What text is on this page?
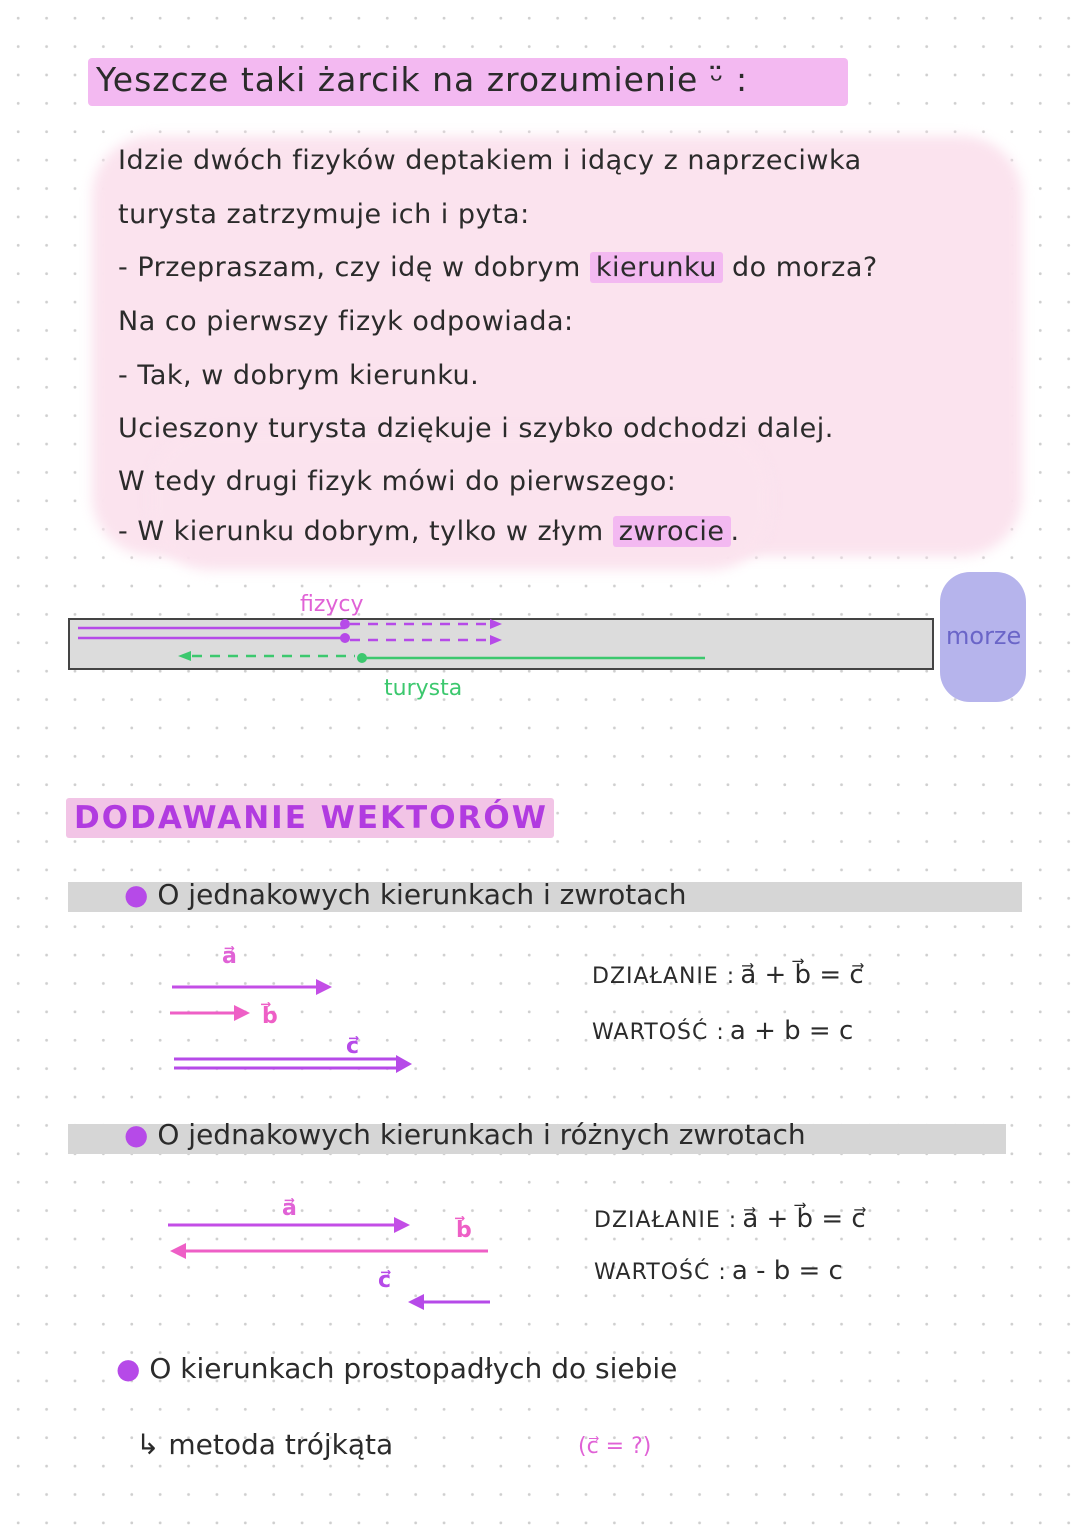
Yeszcze taki żarcik na zrozumienie ᵕ̈ :
Idzie dwóch fizyków deptakiem i idący z naprzeciwka
turysta zatrzymuje ich i pyta:
- Przepraszam, czy idę w dobrym kierunku do morza?
Na co pierwszy fizyk odpowiada:
- Tak, w dobrym kierunku.
Ucieszony turysta dziękuje i szybko odchodzi dalej.
W tedy drugi fizyk mówi do pierwszego:
- W kierunku dobrym, tylko w złym zwrocie .
fizycy
turysta
morze
DODAWANIE WEKTORÓW
● O jednakowych kierunkach i zwrotach
a⃗
b⃗
c⃗
DZIAŁANIE : a⃗ + b⃗ = c⃗
WARTOŚĆ : a + b = c
● O jednakowych kierunkach i różnych zwrotach
a⃗
b⃗
c⃗
DZIAŁANIE : a⃗ + b⃗ = c⃗
WARTOŚĆ : a - b = c
● O kierunkach prostopadłych do siebie
↳ metoda trójkąta	(c⃗ = ?)
